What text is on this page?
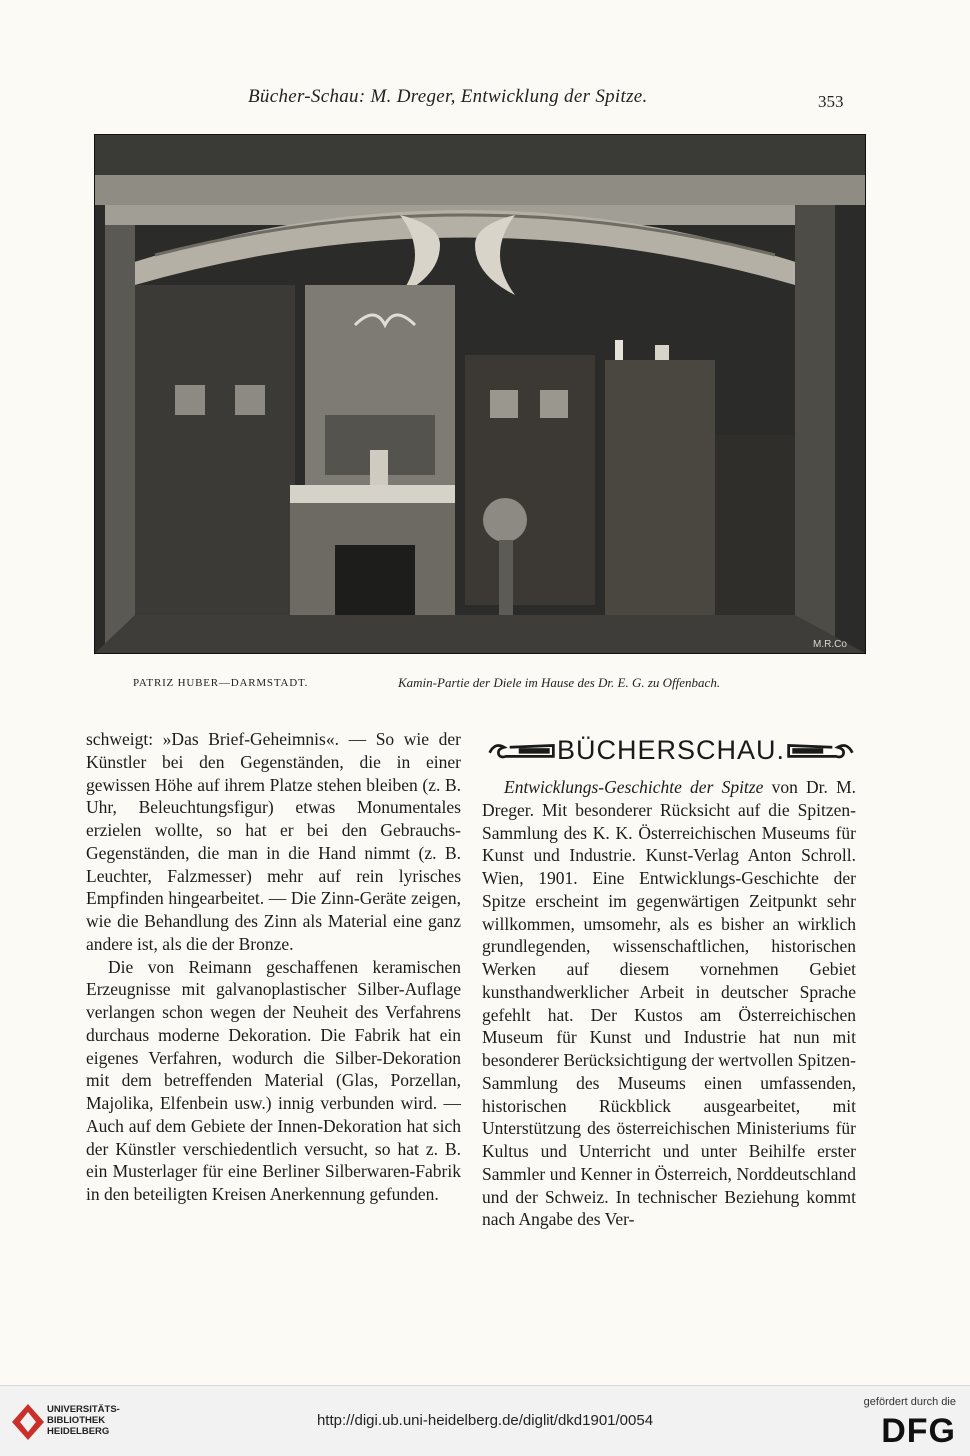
Bücher-Schau: M. Dreger, Entwicklung der Spitze.	353
M.R.Co
PATRIZ HUBER—DARMSTADT.	Kamin-Partie der Diele im Hause des Dr. E. G. zu Offenbach.

schweigt: »Das Brief-Geheimnis«. — So wie der Künstler bei den Gegenständen, die in einer gewissen Höhe auf ihrem Platze stehen bleiben (z. B. Uhr, Beleuchtungsfigur) etwas Monumentales erzielen wollte, so hat er bei den Gebrauchs-Gegenständen, die man in die Hand nimmt (z. B. Leuchter, Falzmesser) mehr auf rein lyrisches Empfinden hingearbeitet. — Die Zinn-Geräte zeigen, wie die Behandlung des Zinn als Material eine ganz andere ist, als die der Bronze.

Die von Reimann geschaffenen keramischen Erzeugnisse mit galvanoplastischer Silber-Auflage verlangen schon wegen der Neuheit des Verfahrens durchaus moderne Dekoration. Die Fabrik hat ein eigenes Verfahren, wodurch die Silber-Dekoration mit dem betreffenden Material (Glas, Porzellan, Majolika, Elfenbein usw.) innig verbunden wird. — Auch auf dem Gebiete der Innen-Dekoration hat sich der Künstler verschiedentlich versucht, so hat z. B. ein Musterlager für eine Berliner Silberwaren-Fabrik in den beteiligten Kreisen Anerkennung gefunden.

BÜCHERSCHAU.

Entwicklungs-Geschichte der Spitze von Dr. M. Dreger. Mit besonderer Rücksicht auf die Spitzen-Sammlung des K. K. Österreichischen Museums für Kunst und Industrie. Kunst-Verlag Anton Schroll. Wien, 1901. Eine Entwicklungs-Geschichte der Spitze erscheint im gegenwärtigen Zeitpunkt sehr willkommen, umsomehr, als es bisher an wirklich grundlegenden, wissenschaftlichen, historischen Werken auf diesem vornehmen Gebiet kunsthandwerklicher Arbeit in deutscher Sprache gefehlt hat. Der Kustos am Österreichischen Museum für Kunst und Industrie hat nun mit besonderer Berücksichtigung der wertvollen Spitzen-Sammlung des Museums einen umfassenden, historischen Rückblick ausgearbeitet, mit Unterstützung des österreichischen Ministeriums für Kultus und Unterricht und unter Beihilfe erster Sammler und Kenner in Österreich, Norddeutschland und der Schweiz. In technischer Beziehung kommt nach Angabe des Ver-

UNIVERSITÄTS-
BIBLIOTHEK
HEIDELBERG
http://digi.ub.uni-heidelberg.de/diglit/dkd1901/0054
gefördert durch die
DFG
